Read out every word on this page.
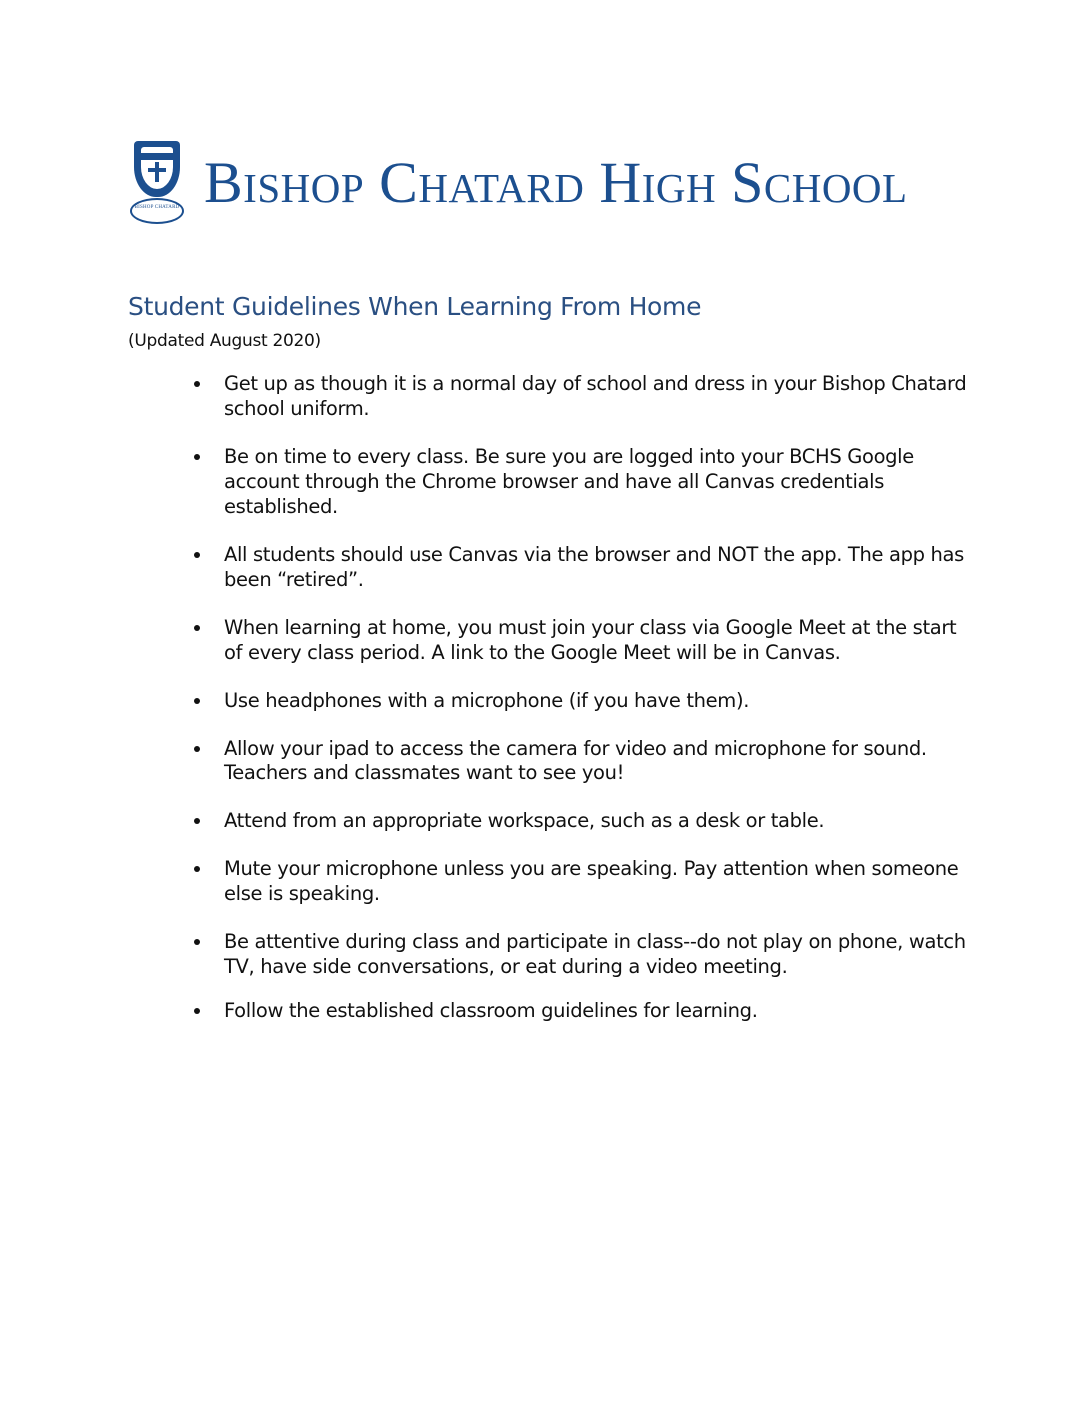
BISHOP CHATARD Bishop Chatard High School
Student Guidelines When Learning From Home
(Updated August 2020)
Get up as though it is a normal day of school and dress in your Bishop Chatard school uniform.
Be on time to every class. Be sure you are logged into your BCHS Google account through the Chrome browser and have all Canvas credentials established.
All students should use Canvas via the browser and NOT the app. The app has been “retired”.
When learning at home, you must join your class via Google Meet at the start of every class period. A link to the Google Meet will be in Canvas.
Use headphones with a microphone (if you have them).
Allow your ipad to access the camera for video and microphone for sound. Teachers and classmates want to see you!
Attend from an appropriate workspace, such as a desk or table.
Mute your microphone unless you are speaking. Pay attention when someone else is speaking.
Be attentive during class and participate in class--do not play on phone, watch TV, have side conversations, or eat during a video meeting.
Follow the established classroom guidelines for learning.
